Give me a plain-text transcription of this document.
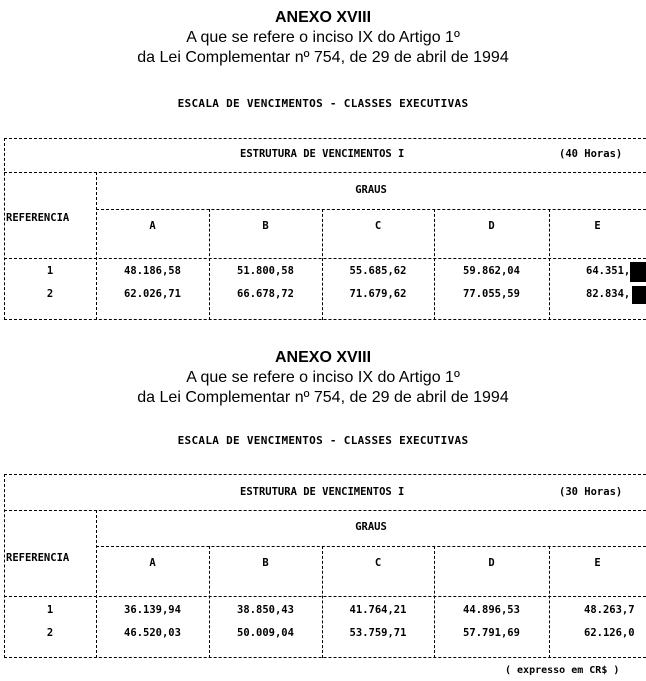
ANEXO XVIII
A que se refere o inciso IX do Artigo 1º
da Lei Complementar nº 754, de 29 de abril de 1994
ESCALA DE VENCIMENTOS - CLASSES EXECUTIVAS
ESTRUTURA DE VENCIMENTOS I	(40 Horas)
GRAUS
REFERENCIA
A	B	C	D	E
1	48.186,58	51.800,58	55.685,62	59.862,04	64.351,
2	62.026,71	66.678,72	71.679,62	77.055,59	82.834,
ANEXO XVIII
A que se refere o inciso IX do Artigo 1º
da Lei Complementar nº 754, de 29 de abril de 1994
ESCALA DE VENCIMENTOS - CLASSES EXECUTIVAS
ESTRUTURA DE VENCIMENTOS I	(30 Horas)
GRAUS
REFERENCIA	A	B	C	D	E
1	36.139,94	38.850,43	41.764,21	44.896,53	48.263,7
2	46.520,03	50.009,04	53.759,71	57.791,69	62.126,0
( expresso em CR$ )
